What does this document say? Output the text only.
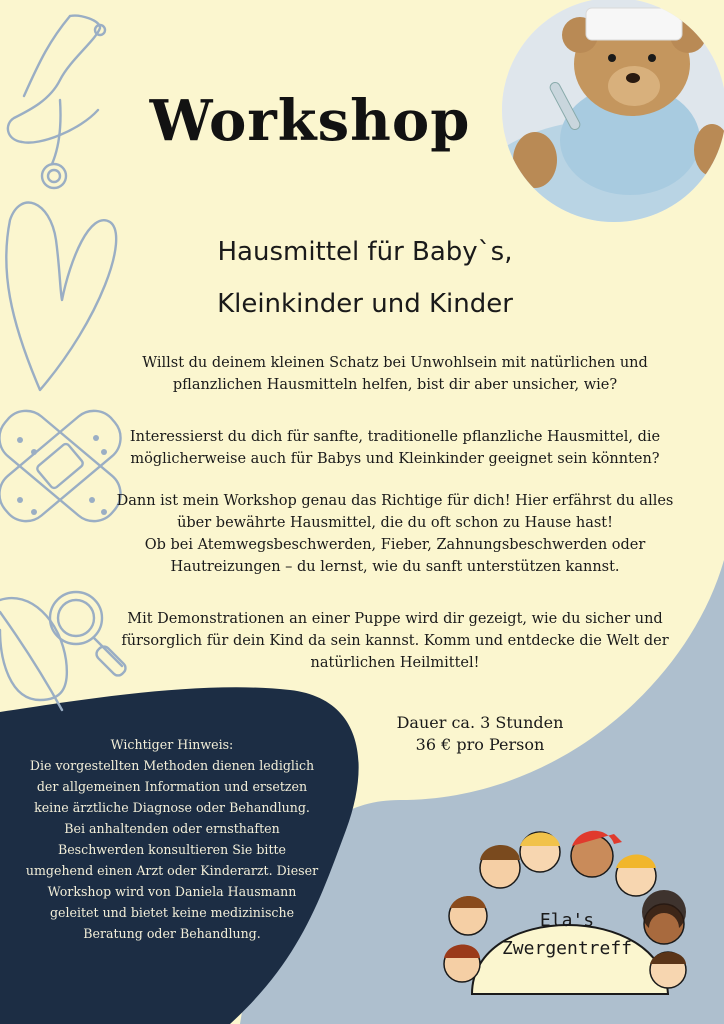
Workshop
Hausmittel für Baby`s,
Kleinkinder und Kinder
Willst du deinem kleinen Schatz bei Unwohlsein mit natürlichen und
pflanzlichen Hausmitteln helfen, bist dir aber unsicher, wie?
Interessierst du dich für sanfte, traditionelle pflanzliche Hausmittel, die
möglicherweise auch für Babys und Kleinkinder geeignet sein könnten?
Dann ist mein Workshop genau das Richtige für dich! Hier erfährst du alles
über bewährte Hausmittel, die du oft schon zu Hause hast!
Ob bei Atemwegsbeschwerden, Fieber, Zahnungsbeschwerden oder
Hautreizungen – du lernst, wie du sanft unterstützen kannst.
Mit Demonstrationen an einer Puppe wird dir gezeigt, wie du sicher und
fürsorglich für dein Kind da sein kannst. Komm und entdecke die Welt der
natürlichen Heilmittel!
Dauer ca. 3 Stunden
36 € pro Person
Wichtiger Hinweis:
Die vorgestellten Methoden dienen lediglich
der allgemeinen Information und ersetzen
keine ärztliche Diagnose oder Behandlung.
Bei anhaltenden oder ernsthaften
Beschwerden konsultieren Sie bitte
umgehend einen Arzt oder Kinderarzt. Dieser
Workshop wird von Daniela Hausmann
geleitet und bietet keine medizinische
Beratung oder Behandlung.
Ela's
Zwergentreff
